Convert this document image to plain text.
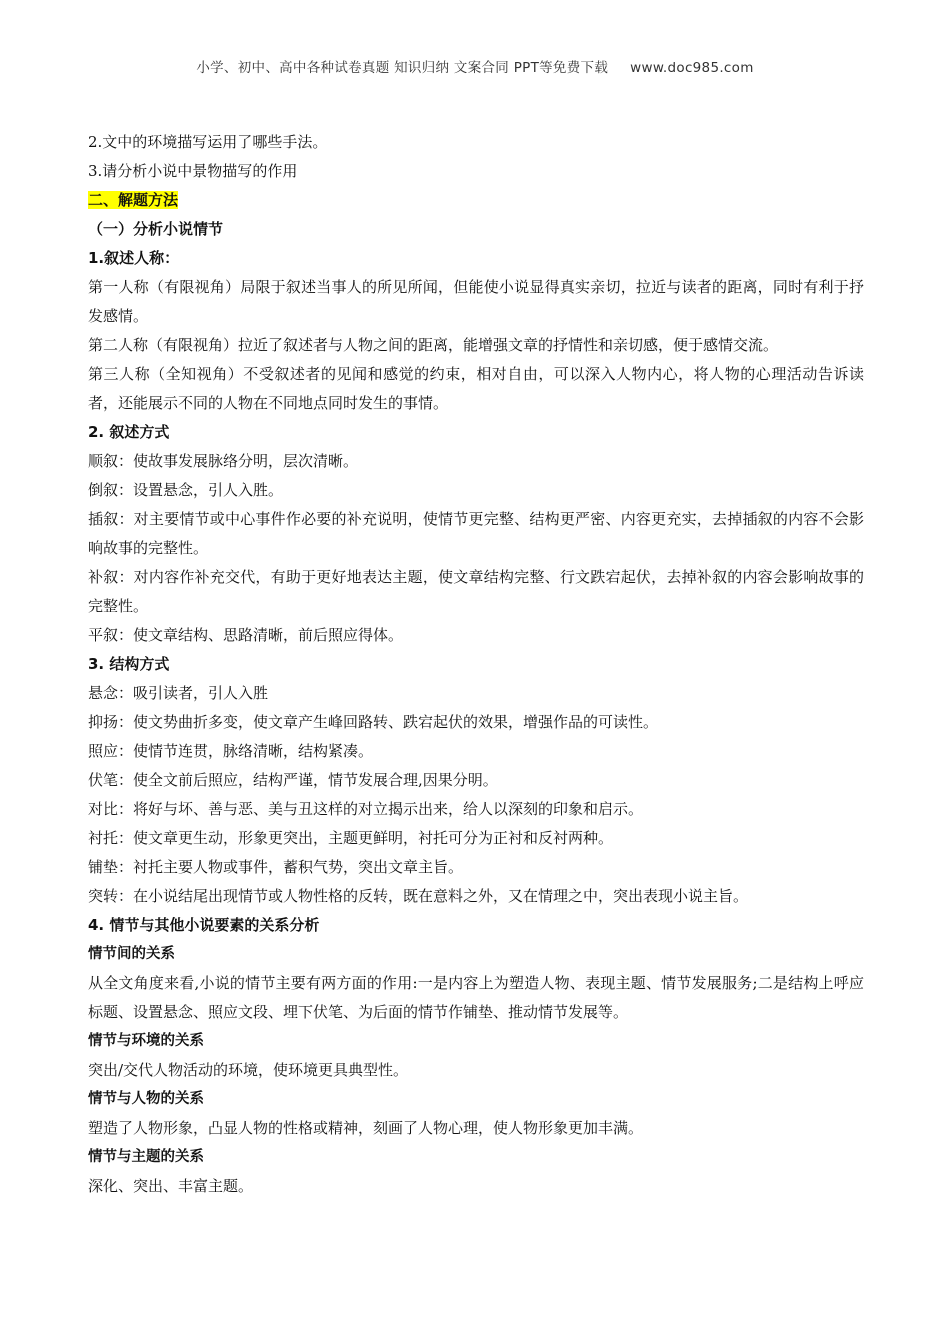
小学、初中、高中各种试卷真题 知识归纳 文案合同 PPT等免费下载 www.doc985.com
2.文中的环境描写运用了哪些手法。
3.请分析小说中景物描写的作用
二、解题方法
（一）分析小说情节
1.叙述人称：
第一人称（有限视角）局限于叙述当事人的所见所闻，但能使小说显得真实亲切，拉近与读者的距离，同时有利于抒发感情。
第二人称（有限视角）拉近了叙述者与人物之间的距离，能增强文章的抒情性和亲切感，便于感情交流。
第三人称（全知视角）不受叙述者的见闻和感觉的约束，相对自由，可以深入人物内心，将人物的心理活动告诉读者，还能展示不同的人物在不同地点同时发生的事情。
2. 叙述方式
顺叙：使故事发展脉络分明，层次清晰。
倒叙：设置悬念，引人入胜。
插叙：对主要情节或中心事件作必要的补充说明，使情节更完整、结构更严密、内容更充实，去掉插叙的内容不会影响故事的完整性。
补叙：对内容作补充交代，有助于更好地表达主题，使文章结构完整、行文跌宕起伏，去掉补叙的内容会影响故事的完整性。
平叙：使文章结构、思路清晰，前后照应得体。
3. 结构方式
悬念：吸引读者，引人入胜
抑扬：使文势曲折多变，使文章产生峰回路转、跌宕起伏的效果，增强作品的可读性。
照应：使情节连贯，脉络清晰，结构紧凑。
伏笔：使全文前后照应，结构严谨，情节发展合理,因果分明。
对比：将好与坏、善与恶、美与丑这样的对立揭示出来，给人以深刻的印象和启示。
衬托：使文章更生动，形象更突出，主题更鲜明，衬托可分为正衬和反衬两种。
铺垫：衬托主要人物或事件，蓄积气势，突出文章主旨。
突转：在小说结尾出现情节或人物性格的反转，既在意料之外，又在情理之中，突出表现小说主旨。
4. 情节与其他小说要素的关系分析
情节间的关系
从全文角度来看,小说的情节主要有两方面的作用:一是内容上为塑造人物、表现主题、情节发展服务;二是结构上呼应标题、设置悬念、照应文段、埋下伏笔、为后面的情节作铺垫、推动情节发展等。
情节与环境的关系
突出/交代人物活动的环境，使环境更具典型性。
情节与人物的关系
塑造了人物形象，凸显人物的性格或精神，刻画了人物心理，使人物形象更加丰满。
情节与主题的关系
深化、突出、丰富主题。
